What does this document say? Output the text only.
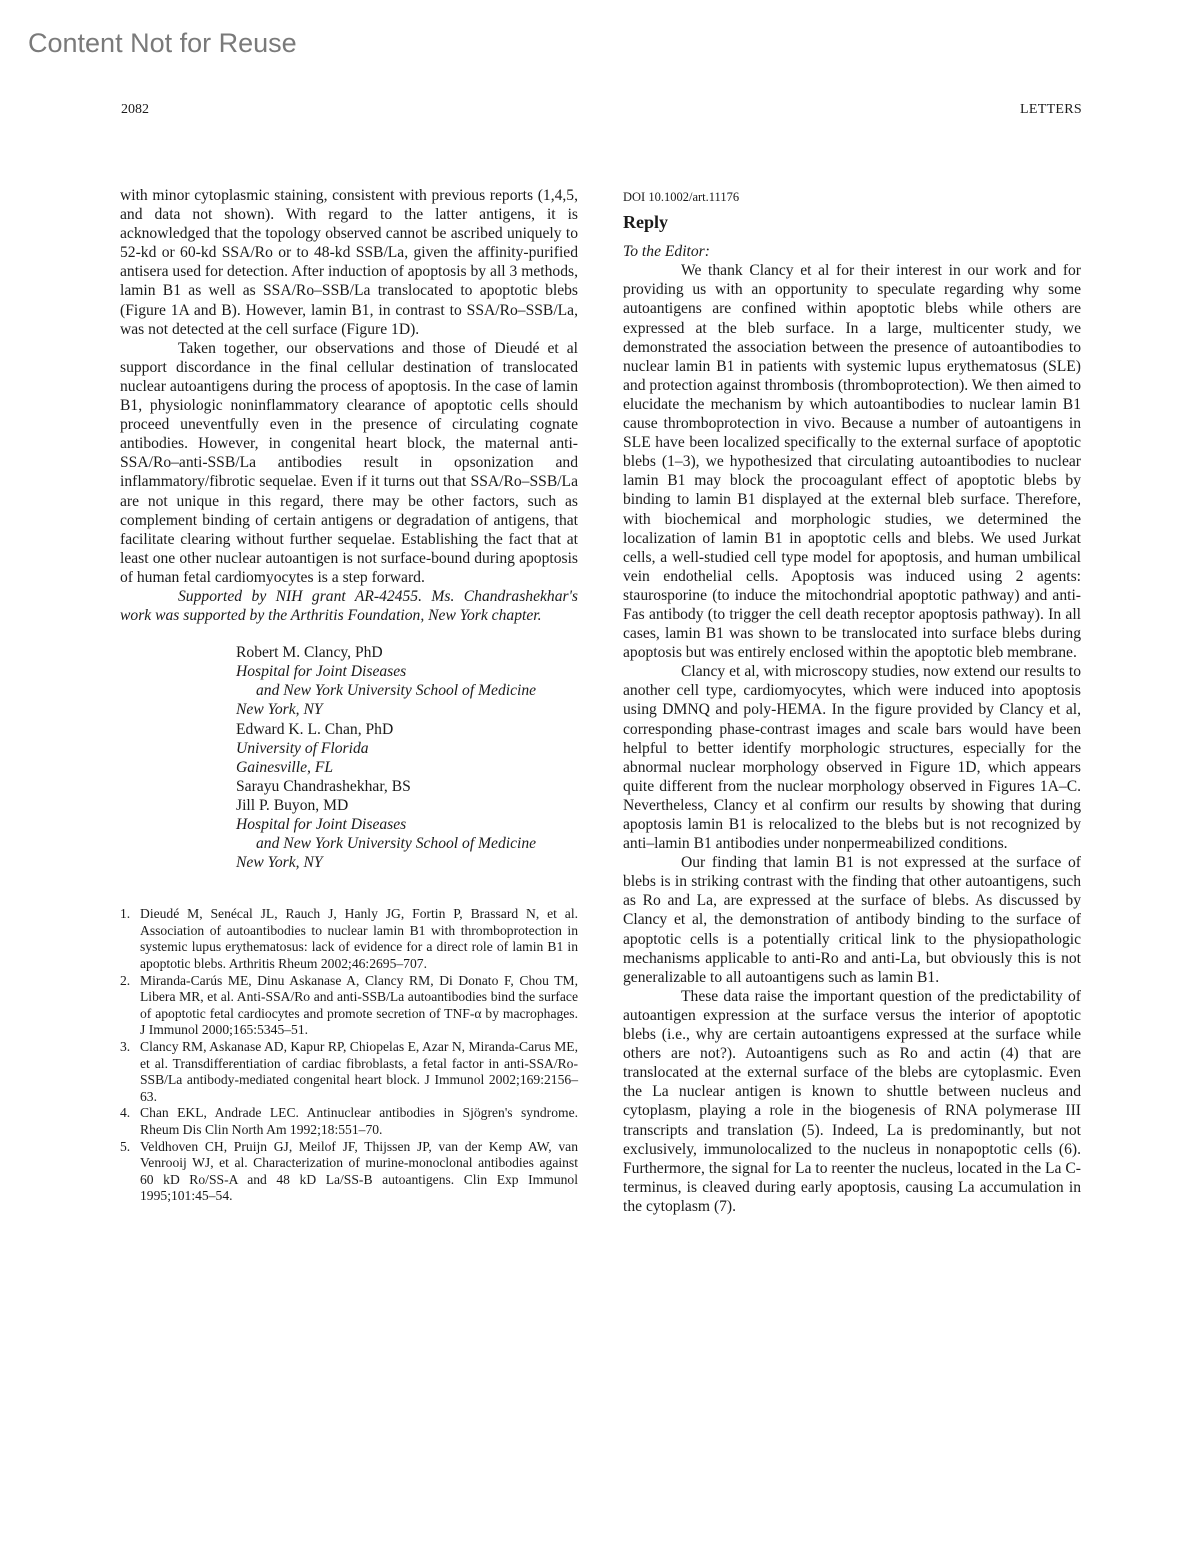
Content Not for Reuse
2082	LETTERS

with minor cytoplasmic staining, consistent with previous reports (1,4,5, and data not shown). With regard to the latter antigens, it is acknowledged that the topology observed cannot be ascribed uniquely to 52-kd or 60-kd SSA/Ro or to 48-kd SSB/La, given the affinity-purified antisera used for detection. After induction of apoptosis by all 3 methods, lamin B1 as well as SSA/Ro–SSB/La translocated to apoptotic blebs (Figure 1A and B). However, lamin B1, in contrast to SSA/Ro–SSB/La, was not detected at the cell surface (Figure 1D).

Taken together, our observations and those of Dieudé et al support discordance in the final cellular destination of translocated nuclear autoantigens during the process of apoptosis. In the case of lamin B1, physiologic noninflammatory clearance of apoptotic cells should proceed uneventfully even in the presence of circulating cognate antibodies. However, in congenital heart block, the maternal anti-SSA/Ro–anti-SSB/La antibodies result in opsonization and inflammatory/fibrotic sequelae. Even if it turns out that SSA/Ro–SSB/La are not unique in this regard, there may be other factors, such as complement binding of certain antigens or degradation of antigens, that facilitate clearing without further sequelae. Establishing the fact that at least one other nuclear autoantigen is not surface-bound during apoptosis of human fetal cardiomyocytes is a step forward.

Supported by NIH grant AR-42455. Ms. Chandrashekhar's work was supported by the Arthritis Foundation, New York chapter.

Robert M. Clancy, PhD
Hospital for Joint Diseases
and New York University School of Medicine
New York, NY
Edward K. L. Chan, PhD
University of Florida
Gainesville, FL
Sarayu Chandrashekhar, BS
Jill P. Buyon, MD
Hospital for Joint Diseases
and New York University School of Medicine
New York, NY
1. Dieudé M, Senécal JL, Rauch J, Hanly JG, Fortin P, Brassard N, et al. Association of autoantibodies to nuclear lamin B1 with thromboprotection in systemic lupus erythematosus: lack of evidence for a direct role of lamin B1 in apoptotic blebs. Arthritis Rheum 2002;46:2695–707.
2. Miranda-Carús ME, Dinu Askanase A, Clancy RM, Di Donato F, Chou TM, Libera MR, et al. Anti-SSA/Ro and anti-SSB/La autoantibodies bind the surface of apoptotic fetal cardiocytes and promote secretion of TNF-α by macrophages. J Immunol 2000;165:5345–51.
3. Clancy RM, Askanase AD, Kapur RP, Chiopelas E, Azar N, Miranda-Carus ME, et al. Transdifferentiation of cardiac fibroblasts, a fetal factor in anti-SSA/Ro-SSB/La antibody-mediated congenital heart block. J Immunol 2002;169:2156–63.
4. Chan EKL, Andrade LEC. Antinuclear antibodies in Sjögren's syndrome. Rheum Dis Clin North Am 1992;18:551–70.
5. Veldhoven CH, Pruijn GJ, Meilof JF, Thijssen JP, van der Kemp AW, van Venrooij WJ, et al. Characterization of murine-monoclonal antibodies against 60 kD Ro/SS-A and 48 kD La/SS-B autoantigens. Clin Exp Immunol 1995;101:45–54.
DOI 10.1002/art.11176
Reply
To the Editor:

We thank Clancy et al for their interest in our work and for providing us with an opportunity to speculate regarding why some autoantigens are confined within apoptotic blebs while others are expressed at the bleb surface. In a large, multicenter study, we demonstrated the association between the presence of autoantibodies to nuclear lamin B1 in patients with systemic lupus erythematosus (SLE) and protection against thrombosis (thromboprotection). We then aimed to elucidate the mechanism by which autoantibodies to nuclear lamin B1 cause thromboprotection in vivo. Because a number of autoantigens in SLE have been localized specifically to the external surface of apoptotic blebs (1–3), we hypothesized that circulating autoantibodies to nuclear lamin B1 may block the procoagulant effect of apoptotic blebs by binding to lamin B1 displayed at the external bleb surface. Therefore, with biochemical and morphologic studies, we determined the localization of lamin B1 in apoptotic cells and blebs. We used Jurkat cells, a well-studied cell type model for apoptosis, and human umbilical vein endothelial cells. Apoptosis was induced using 2 agents: staurosporine (to induce the mitochondrial apoptotic pathway) and anti-Fas antibody (to trigger the cell death receptor apoptosis pathway). In all cases, lamin B1 was shown to be translocated into surface blebs during apoptosis but was entirely enclosed within the apoptotic bleb membrane.

Clancy et al, with microscopy studies, now extend our results to another cell type, cardiomyocytes, which were induced into apoptosis using DMNQ and poly-HEMA. In the figure provided by Clancy et al, corresponding phase-contrast images and scale bars would have been helpful to better identify morphologic structures, especially for the abnormal nuclear morphology observed in Figure 1D, which appears quite different from the nuclear morphology observed in Figures 1A–C. Nevertheless, Clancy et al confirm our results by showing that during apoptosis lamin B1 is relocalized to the blebs but is not recognized by anti–lamin B1 antibodies under nonpermeabilized conditions.

Our finding that lamin B1 is not expressed at the surface of blebs is in striking contrast with the finding that other autoantigens, such as Ro and La, are expressed at the surface of blebs. As discussed by Clancy et al, the demonstration of antibody binding to the surface of apoptotic cells is a potentially critical link to the physiopathologic mechanisms applicable to anti-Ro and anti-La, but obviously this is not generalizable to all autoantigens such as lamin B1.

These data raise the important question of the predictability of autoantigen expression at the surface versus the interior of apoptotic blebs (i.e., why are certain autoantigens expressed at the surface while others are not?). Autoantigens such as Ro and actin (4) that are translocated at the external surface of the blebs are cytoplasmic. Even the La nuclear antigen is known to shuttle between nucleus and cytoplasm, playing a role in the biogenesis of RNA polymerase III transcripts and translation (5). Indeed, La is predominantly, but not exclusively, immunolocalized to the nucleus in nonapoptotic cells (6). Furthermore, the signal for La to reenter the nucleus, located in the La C-terminus, is cleaved during early apoptosis, causing La accumulation in the cytoplasm (7).
